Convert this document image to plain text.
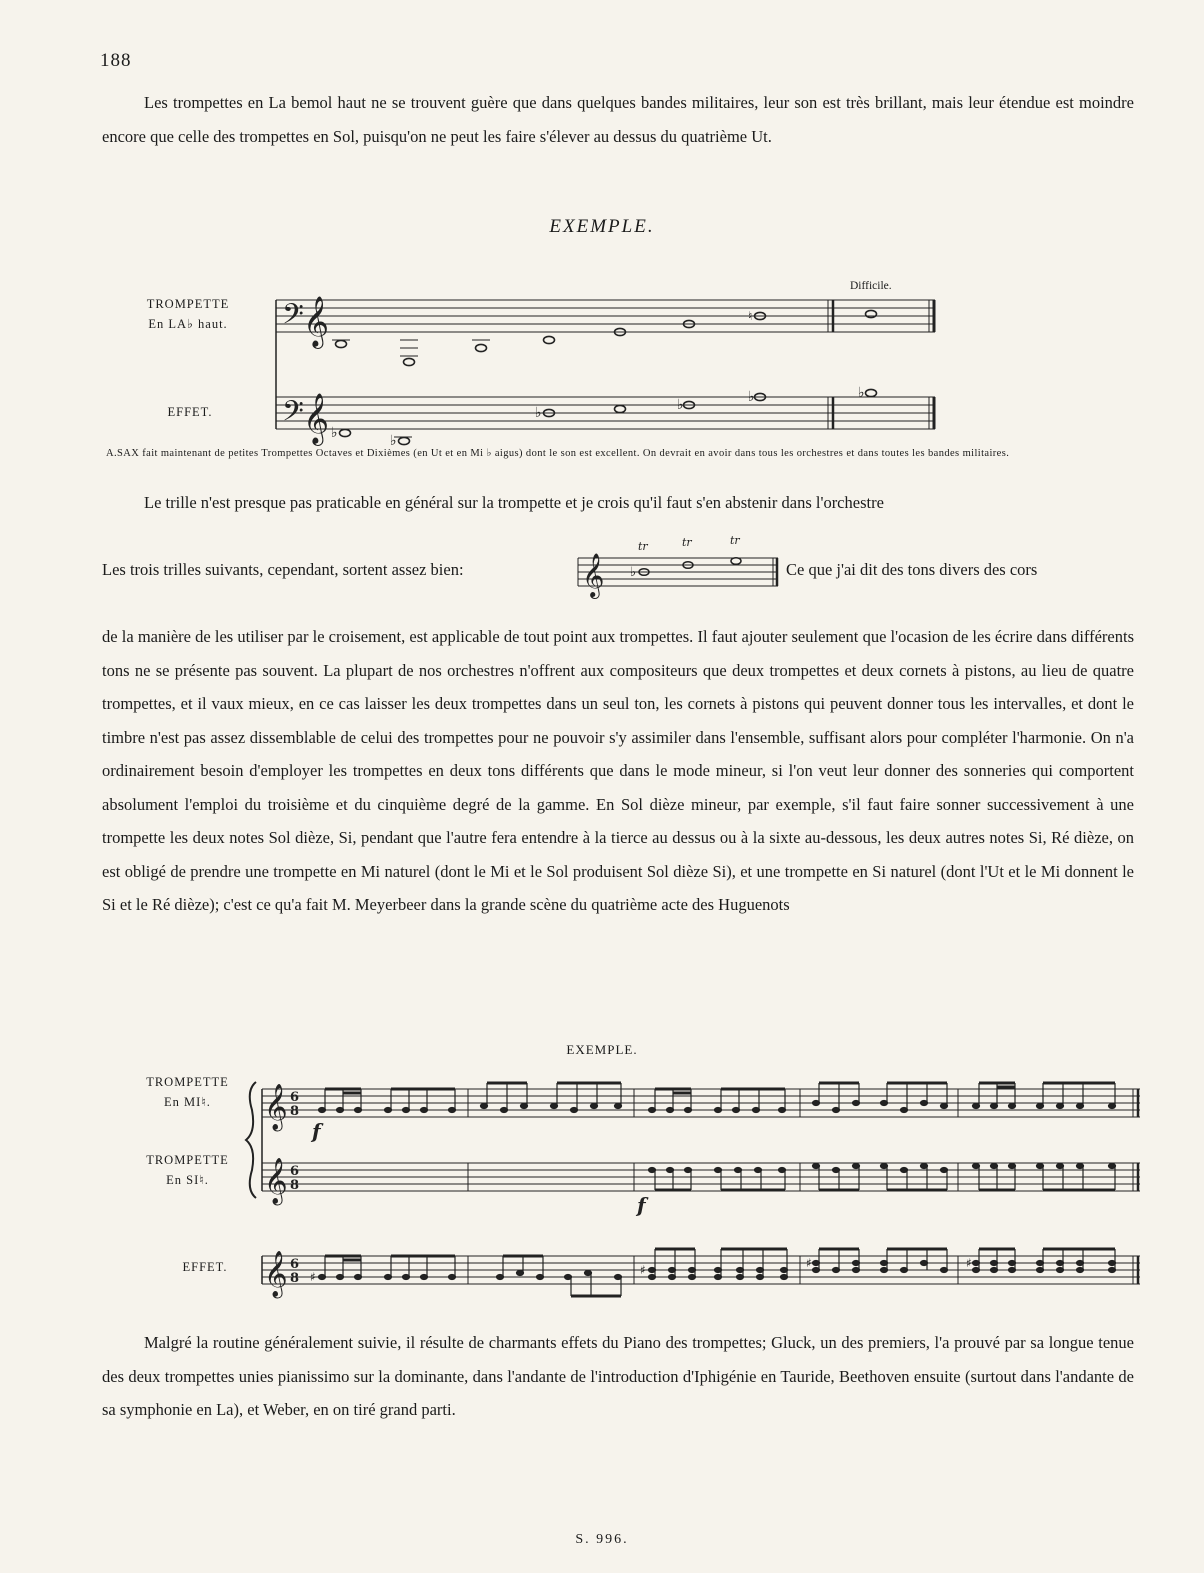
188

Les trompettes en La bemol haut ne se trouvent guère que dans quelques bandes militaires, leur son est très brillant, mais leur étendue est moindre encore que celle des trompettes en Sol, puisqu'on ne peut les faire s'élever au dessus du quatrième Ut.

EXEMPLE.
TROMPETTE
En LA♭ haut.
EFFET.
Difficile.
𝄢 𝄞
𝄢 𝄞
♮
♭	♭
♭	♭	♭	♭
A.SAX fait maintenant de petites Trompettes Octaves et Dixièmes (en Ut et en Mi ♭ aigus) dont le son est excellent. On devrait en avoir dans tous les orchestres et dans toutes les bandes militaires.

Le trille n'est presque pas praticable en général sur la trompette et je crois qu'il faut s'en abstenir dans l'orchestre

Les trois trilles suivants, cependant, sortent assez bien:	𝄞
tr	tr	tr
♭	Ce que j'ai dit des tons divers des cors

de la manière de les utiliser par le croisement, est applicable de tout point aux trompettes. Il faut ajouter seulement que l'ocasion de les écrire dans différents tons ne se présente pas souvent. La plupart de nos orchestres n'offrent aux compositeurs que deux trompettes et deux cornets à pistons, au lieu de quatre trompettes, et il vaux mieux, en ce cas laisser les deux trompettes dans un seul ton, les cornets à pistons qui peuvent donner tous les intervalles, et dont le timbre n'est pas assez dissemblable de celui des trompettes pour ne pouvoir s'y assimiler dans l'ensemble, suffisant alors pour compléter l'harmonie. On n'a ordinairement besoin d'employer les trompettes en deux tons différents que dans le mode mineur, si l'on veut leur donner des sonneries qui comportent absolument l'emploi du troisième et du cinquième degré de la gamme. En Sol dièze mineur, par exemple, s'il faut faire sonner successivement à une trompette les deux notes Sol dièze, Si, pendant que l'autre fera entendre à la tierce au dessus ou à la sixte au-dessous, les deux autres notes Si, Ré dièze, on est obligé de prendre une trompette en Mi naturel (dont le Mi et le Sol produisent Sol dièze Si), et une trompette en Si naturel (dont l'Ut et le Mi donnent le Si et le Ré dièze); c'est ce qu'a fait M. Meyerbeer dans la grande scène du quatrième acte des Huguenots

EXEMPLE.
TROMPETTE
En MI♮.
TROMPETTE
En SI♮.
EFFET.
𝄞
𝄞
𝄞
6
8
6
8
6
8
f
f
♯	♯	♯	♯

Malgré la routine généralement suivie, il résulte de charmants effets du Piano des trompettes; Gluck, un des premiers, l'a prouvé par sa longue tenue des deux trompettes unies pianissimo sur la dominante, dans l'andante de l'introduction d'Iphigénie en Tauride, Beethoven ensuite (surtout dans l'andante de sa symphonie en La), et Weber, en on tiré grand parti.

S. 996.
